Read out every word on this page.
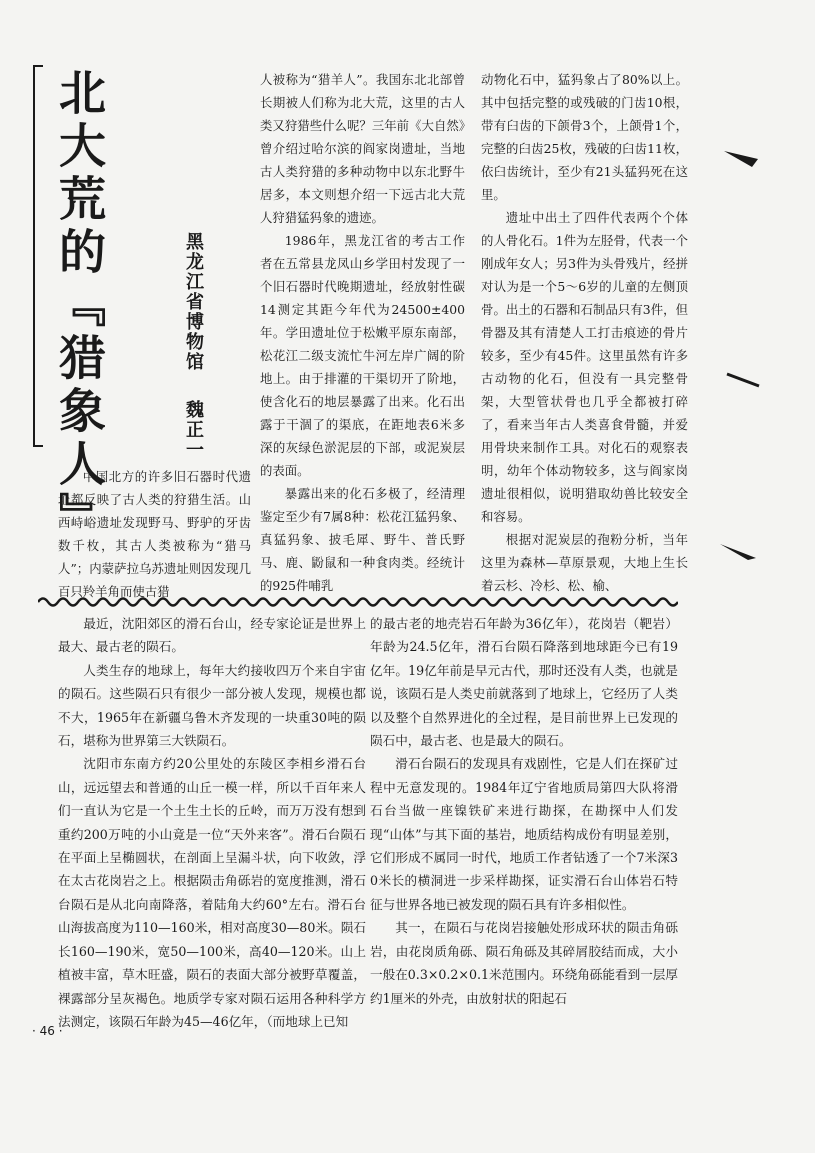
北大荒的『猎象人』	黑龙江省博物馆魏正一

中国北方的许多旧石器时代遗址都反映了古人类的狩猎生活。山西峙峪遗址发现野马、野驴的牙齿数千枚，其古人类被称为“猎马人”；内蒙萨拉乌苏遗址则因发现几百只羚羊角而使古猎

人被称为“猎羊人”。我国东北北部曾长期被人们称为北大荒，这里的古人类又狩猎些什么呢？三年前《大自然》曾介绍过哈尔滨的阎家岗遗址，当地古人类狩猎的多种动物中以东北野牛居多，本文则想介绍一下远古北大荒人狩猎猛犸象的遗迹。

1986年，黑龙江省的考古工作者在五常县龙凤山乡学田村发现了一个旧石器时代晚期遗址，经放射性碳14测定其距今年代为24500±400年。学田遗址位于松嫩平原东南部，松花江二级支流忙牛河左岸广阔的阶地上。由于排灌的干渠切开了阶地，使含化石的地层暴露了出来。化石出露于干涸了的渠底，在距地表6米多深的灰绿色淤泥层的下部，或泥炭层的表面。

暴露出来的化石多极了，经清理鉴定至少有7属8种：松花江猛犸象、真猛犸象、披毛犀、野牛、普氏野马、鹿、鼢鼠和一种食肉类。经统计的925件哺乳

动物化石中，猛犸象占了80%以上。其中包括完整的或残破的门齿10根，带有臼齿的下颌骨3个，上颌骨1个，完整的臼齿25枚，残破的臼齿11枚，依臼齿统计，至少有21头猛犸死在这里。

遗址中出土了四件代表两个个体的人骨化石。1件为左胫骨，代表一个刚成年女人；另3件为头骨残片，经拼对认为是一个5～6岁的儿童的左侧顶骨。出土的石器和石制品只有3件，但骨器及其有清楚人工打击痕迹的骨片较多，至少有45件。这里虽然有许多古动物的化石，但没有一具完整骨架，大型管状骨也几乎全都被打碎了，看来当年古人类喜食骨髓，并爱用骨块来制作工具。对化石的观察表明，幼年个体动物较多，这与阎家岗遗址很相似，说明猎取幼兽比较安全和容易。

根据对泥炭层的孢粉分析，当年这里为森林—草原景观，大地上生长着云杉、冷杉、松、榆、

最近，沈阳郊区的滑石台山，经专家论证是世界上最大、最古老的陨石。

人类生存的地球上，每年大约接收四万个来自宇宙的陨石。这些陨石只有很少一部分被人发现，规模也都不大，1965年在新疆乌鲁木齐发现的一块重30吨的陨石，堪称为世界第三大铁陨石。

沈阳市东南方约20公里处的东陵区李相乡滑石台山，远远望去和普通的山丘一模一样，所以千百年来人们一直认为它是一个土生土长的丘岭，而万万没有想到重约200万吨的小山竟是一位“天外来客”。滑石台陨石在平面上呈椭圆状，在剖面上呈漏斗状，向下收敛，浮在太古花岗岩之上。根据陨击角砾岩的宽度推测，滑石台陨石是从北向南降落，着陆角大约60°左右。滑石台山海拔高度为110—160米，相对高度30—80米。陨石长160—190米，宽50—100米，高40—120米。山上植被丰富，草木旺盛，陨石的表面大部分被野草覆盖，裸露部分呈灰褐色。地质学专家对陨石运用各种科学方法测定，该陨石年龄为45—46亿年，（而地球上已知

的最古老的地壳岩石年龄为36亿年），花岗岩（靶岩）年龄为24.5亿年，滑石台陨石降落到地球距今已有19亿年。19亿年前是早元古代，那时还没有人类，也就是说，该陨石是人类史前就落到了地球上，它经历了人类以及整个自然界进化的全过程，是目前世界上已发现的陨石中，最古老、也是最大的陨石。

滑石台陨石的发现具有戏剧性，它是人们在探矿过程中无意发现的。1984年辽宁省地质局第四大队将滑石台当做一座镍铁矿来进行勘探，在勘探中人们发现“山体”与其下面的基岩，地质结构成份有明显差别，它们形成不属同一时代，地质工作者钻透了一个7米深30米长的横洞进一步采样勘探，证实滑石台山体岩石特征与世界各地已被发现的陨石具有许多相似性。

其一，在陨石与花岗岩接触处形成环状的陨击角砾岩，由花岗质角砾、陨石角砾及其碎屑胶结而成，大小一般在0.3×0.2×0.1米范围内。环绕角砾能看到一层厚约1厘米的外壳，由放射状的阳起石

· 46 ·
